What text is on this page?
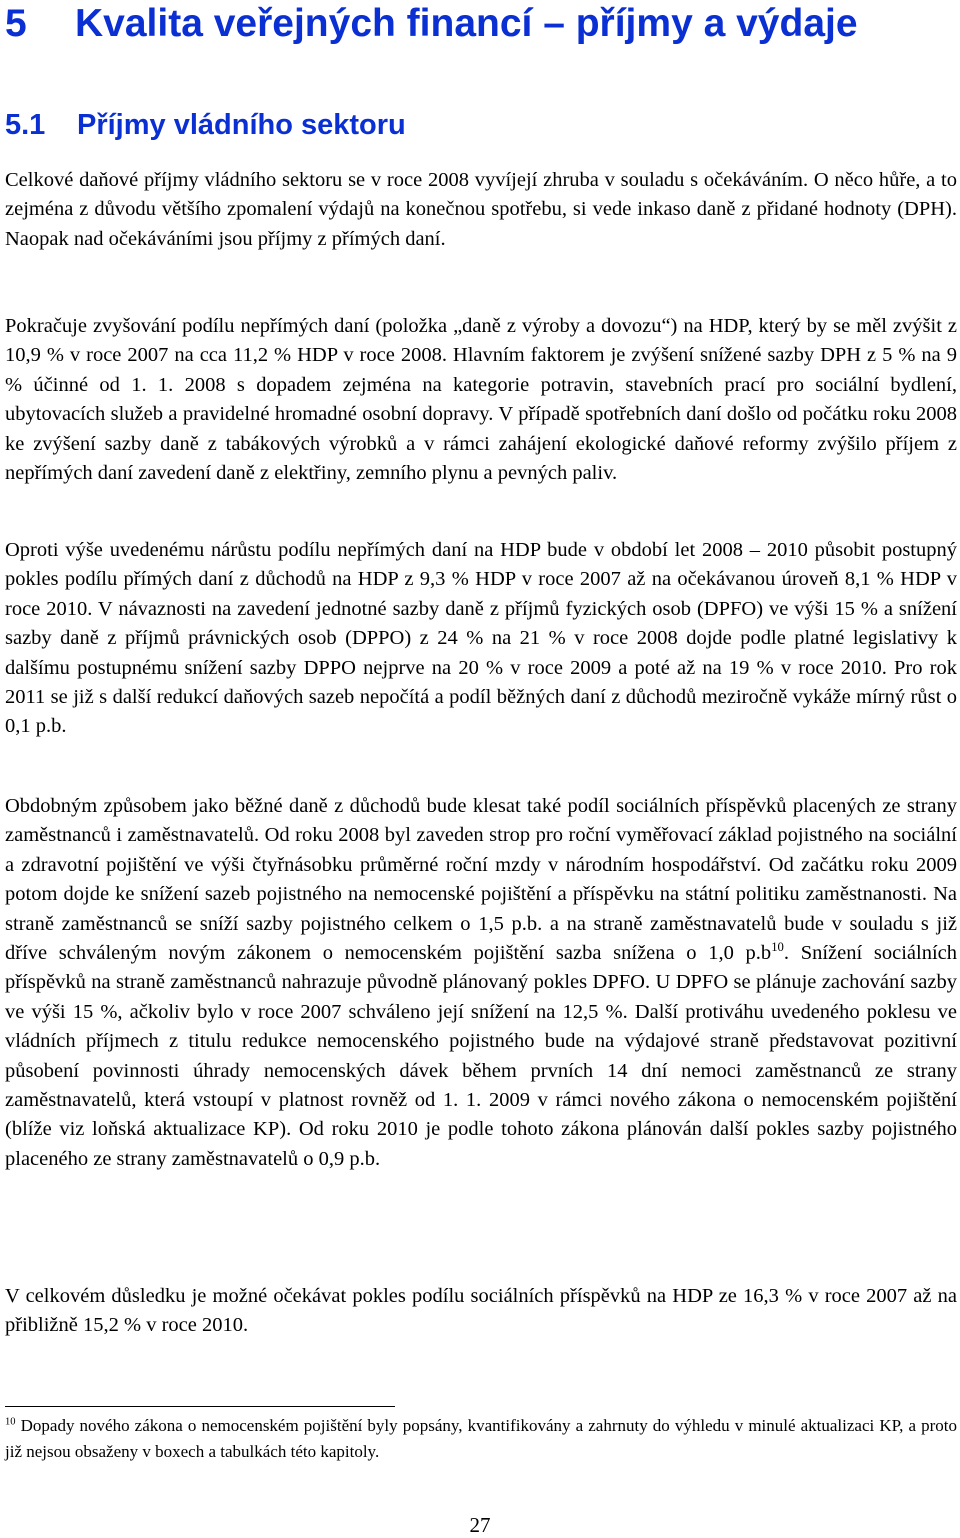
5 Kvalita veřejných financí – příjmy a výdaje
5.1 Příjmy vládního sektoru

Celkové daňové příjmy vládního sektoru se v roce 2008 vyvíjejí zhruba v souladu s očekáváním. O něco hůře, a to zejména z důvodu většího zpomalení výdajů na konečnou spotřebu, si vede inkaso daně z přidané hodnoty (DPH). Naopak nad očekáváními jsou příjmy z přímých daní.

Pokračuje zvyšování podílu nepřímých daní (položka „daně z výroby a dovozu“) na HDP, který by se měl zvýšit z 10,9 % v roce 2007 na cca 11,2 % HDP v roce 2008. Hlavním faktorem je zvýšení snížené sazby DPH z 5 % na 9 % účinné od 1. 1. 2008 s dopadem zejména na kategorie potravin, stavebních prací pro sociální bydlení, ubytovacích služeb a pravidelné hromadné osobní dopravy. V případě spotřebních daní došlo od počátku roku 2008 ke zvýšení sazby daně z tabákových výrobků a v rámci zahájení ekologické daňové reformy zvýšilo příjem z nepřímých daní zavedení daně z elektřiny, zemního plynu a pevných paliv.

Oproti výše uvedenému nárůstu podílu nepřímých daní na HDP bude v období let 2008 – 2010 působit postupný pokles podílu přímých daní z důchodů na HDP z 9,3 % HDP v roce 2007 až na očekávanou úroveň 8,1 % HDP v roce 2010. V návaznosti na zavedení jednotné sazby daně z příjmů fyzických osob (DPFO) ve výši 15 % a snížení sazby daně z příjmů právnických osob (DPPO) z 24 % na 21 % v roce 2008 dojde podle platné legislativy k dalšímu postupnému snížení sazby DPPO nejprve na 20 % v roce 2009 a poté až na 19 % v roce 2010. Pro rok 2011 se již s další redukcí daňových sazeb nepočítá a podíl běžných daní z důchodů meziročně vykáže mírný růst o 0,1 p.b.

Obdobným způsobem jako běžné daně z důchodů bude klesat také podíl sociálních příspěvků placených ze strany zaměstnanců i zaměstnavatelů. Od roku 2008 byl zaveden strop pro roční vyměřovací základ pojistného na sociální a zdravotní pojištění ve výši čtyřnásobku průměrné roční mzdy v národním hospodářství. Od začátku roku 2009 potom dojde ke snížení sazeb pojistného na nemocenské pojištění a příspěvku na státní politiku zaměstnanosti. Na straně zaměstnanců se sníží sazby pojistného celkem o 1,5 p.b. a na straně zaměstnavatelů bude v souladu s již dříve schváleným novým zákonem o nemocenském pojištění sazba snížena o 1,0 $p.b^{10}$. Snížení sociálních příspěvků na straně zaměstnanců nahrazuje původně plánovaný pokles DPFO. U DPFO se plánuje zachování sazby ve výši 15 %, ačkoliv bylo v roce 2007 schváleno její snížení na 12,5 %. Další protiváhu uvedeného poklesu ve vládních příjmech z titulu redukce nemocenského pojistného bude na výdajové straně představovat pozitivní působení povinnosti úhrady nemocenských dávek během prvních 14 dní nemoci zaměstnanců ze strany zaměstnavatelů, která vstoupí v platnost rovněž od 1. 1. 2009 v rámci nového zákona o nemocenském pojištění (blíže viz loňská aktualizace KP). Od roku 2010 je podle tohoto zákona plánován další pokles sazby pojistného placeného ze strany zaměstnavatelů o 0,9 p.b.

V celkovém důsledku je možné očekávat pokles podílu sociálních příspěvků na HDP ze 16,3 % v roce 2007 až na přibližně 15,2 % v roce 2010.

$^{10}$ Dopady nového zákona o nemocenském pojištění byly popsány, kvantifikovány a zahrnuty do výhledu v minulé aktualizaci KP, a proto již nejsou obsaženy v boxech a tabulkách této kapitoly.

27
